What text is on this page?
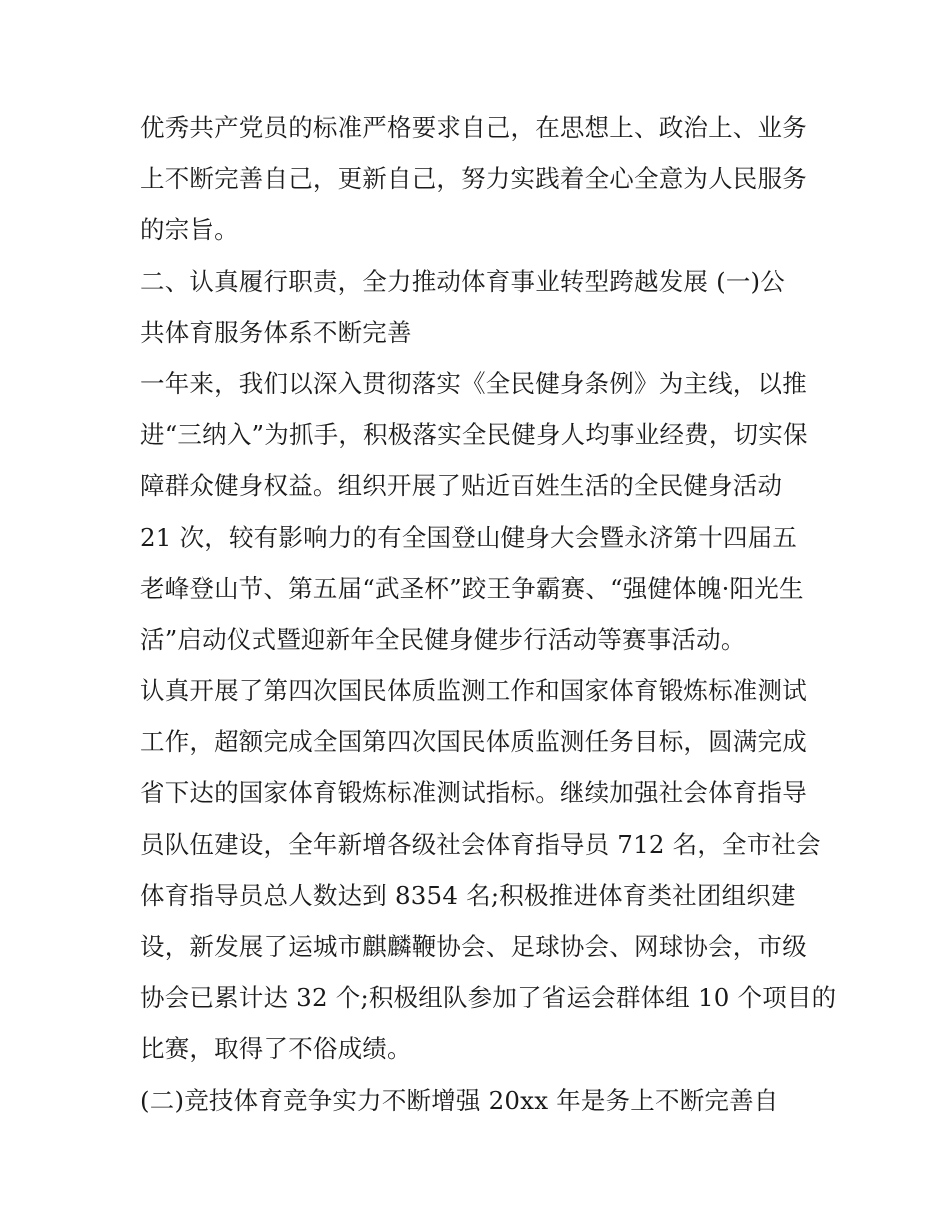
优秀共产党员的标准严格要求自己，在思想上、政治上、业务
上不断完善自己，更新自己，努力实践着全心全意为人民服务
的宗旨。
二、认真履行职责，全力推动体育事业转型跨越发展 (一)公
共体育服务体系不断完善
一年来，我们以深入贯彻落实《全民健身条例》为主线，以推
进“三纳入”为抓手，积极落实全民健身人均事业经费，切实保
障群众健身权益。组织开展了贴近百姓生活的全民健身活动
21 次，较有影响力的有全国登山健身大会暨永济第十四届五
老峰登山节、第五届“武圣杯”跤王争霸赛、“强健体魄·阳光生
活”启动仪式暨迎新年全民健身健步行活动等赛事活动。
认真开展了第四次国民体质监测工作和国家体育锻炼标准测试
工作，超额完成全国第四次国民体质监测任务目标，圆满完成
省下达的国家体育锻炼标准测试指标。继续加强社会体育指导
员队伍建设，全年新增各级社会体育指导员 712 名，全市社会
体育指导员总人数达到 8354 名;积极推进体育类社团组织建
设，新发展了运城市麒麟鞭协会、足球协会、网球协会，市级
协会已累计达 32 个;积极组队参加了省运会群体组 10 个项目的
比赛，取得了不俗成绩。
(二)竞技体育竞争实力不断增强 20xx 年是务上不断完善自
